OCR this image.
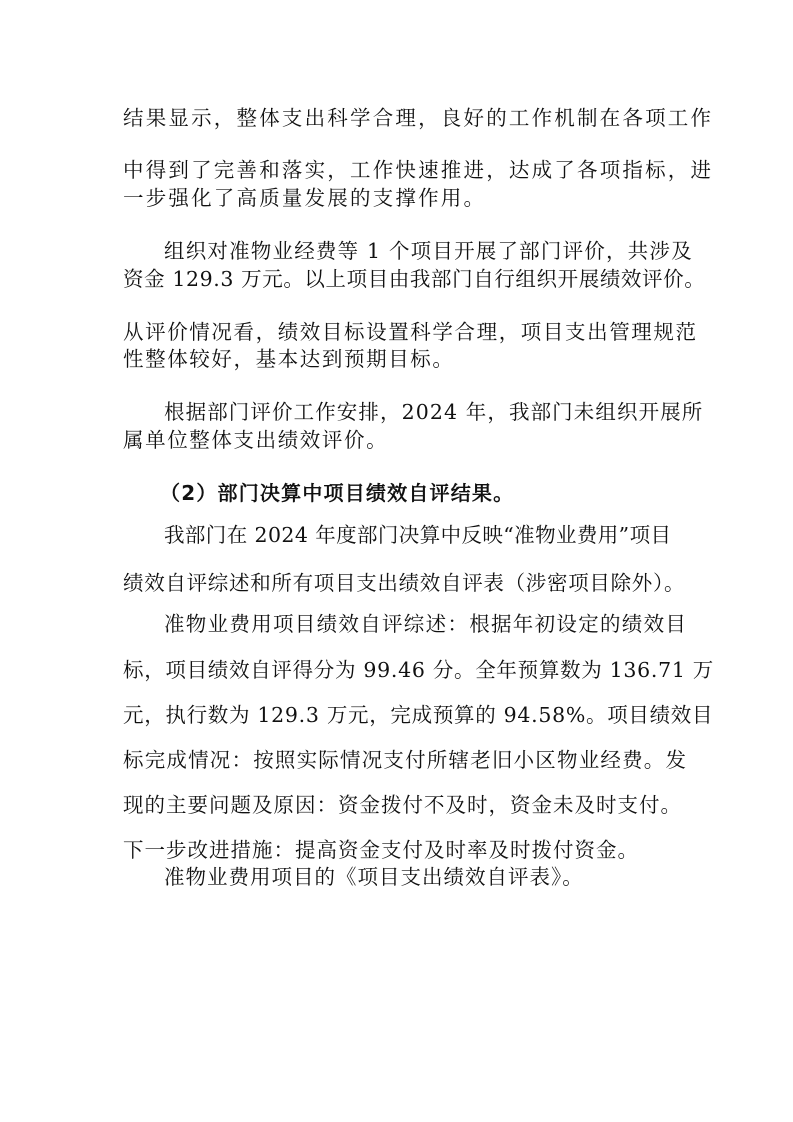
结果显示，整体支出科学合理，良好的工作机制在各项工作

中得到了完善和落实，工作快速推进，达成了各项指标，进

一步强化了高质量发展的支撑作用。

组织对准物业经费等 1 个项目开展了部门评价，共涉及

资金 129.3 万元。以上项目由我部门自行组织开展绩效评价。

从评价情况看，绩效目标设置科学合理，项目支出管理规范

性整体较好，基本达到预期目标。

根据部门评价工作安排，2024 年，我部门未组织开展所

属单位整体支出绩效评价。

（2）部门决算中项目绩效自评结果。

我部门在 2024 年度部门决算中反映“准物业费用”项目

绩效自评综述和所有项目支出绩效自评表（涉密项目除外）。

准物业费用项目绩效自评综述：根据年初设定的绩效目

标，项目绩效自评得分为 99.46 分。全年预算数为 136.71 万

元，执行数为 129.3 万元，完成预算的 94.58%。项目绩效目

标完成情况：按照实际情况支付所辖老旧小区物业经费。发

现的主要问题及原因：资金拨付不及时，资金未及时支付。

下一步改进措施：提高资金支付及时率及时拨付资金。

准物业费用项目的《项目支出绩效自评表》。
